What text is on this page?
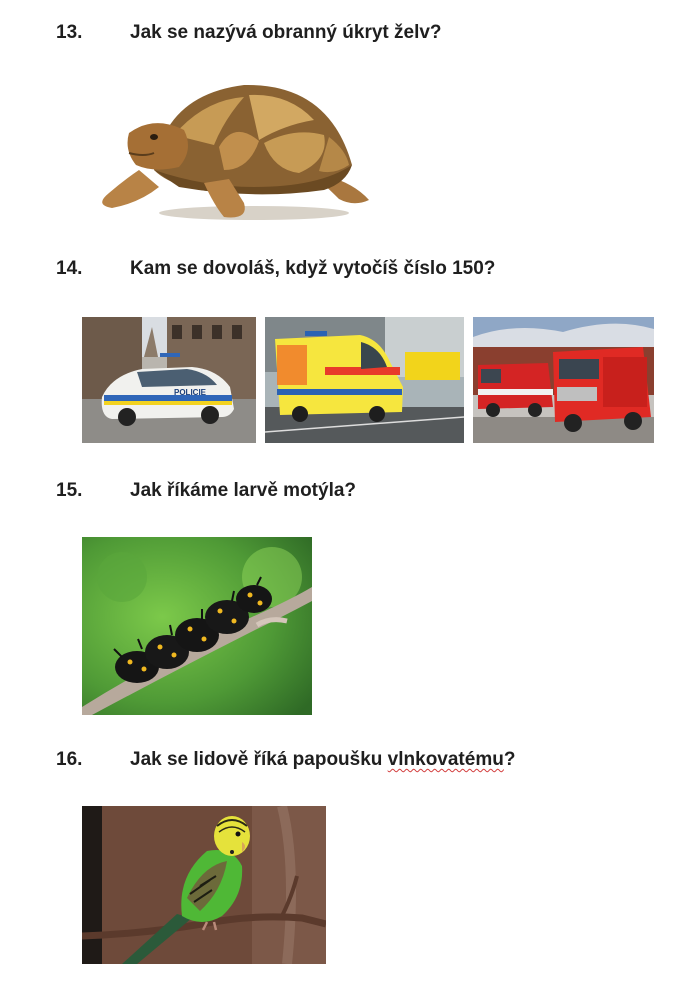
13.	Jak se nazývá obranný úkryt želv?
14.	Kam se dovoláš, když vytočíš číslo 150?
POLICIE
15.	Jak říkáme larvě motýla?
16.	Jak se lidově říká papoušku vlnkovatému?
